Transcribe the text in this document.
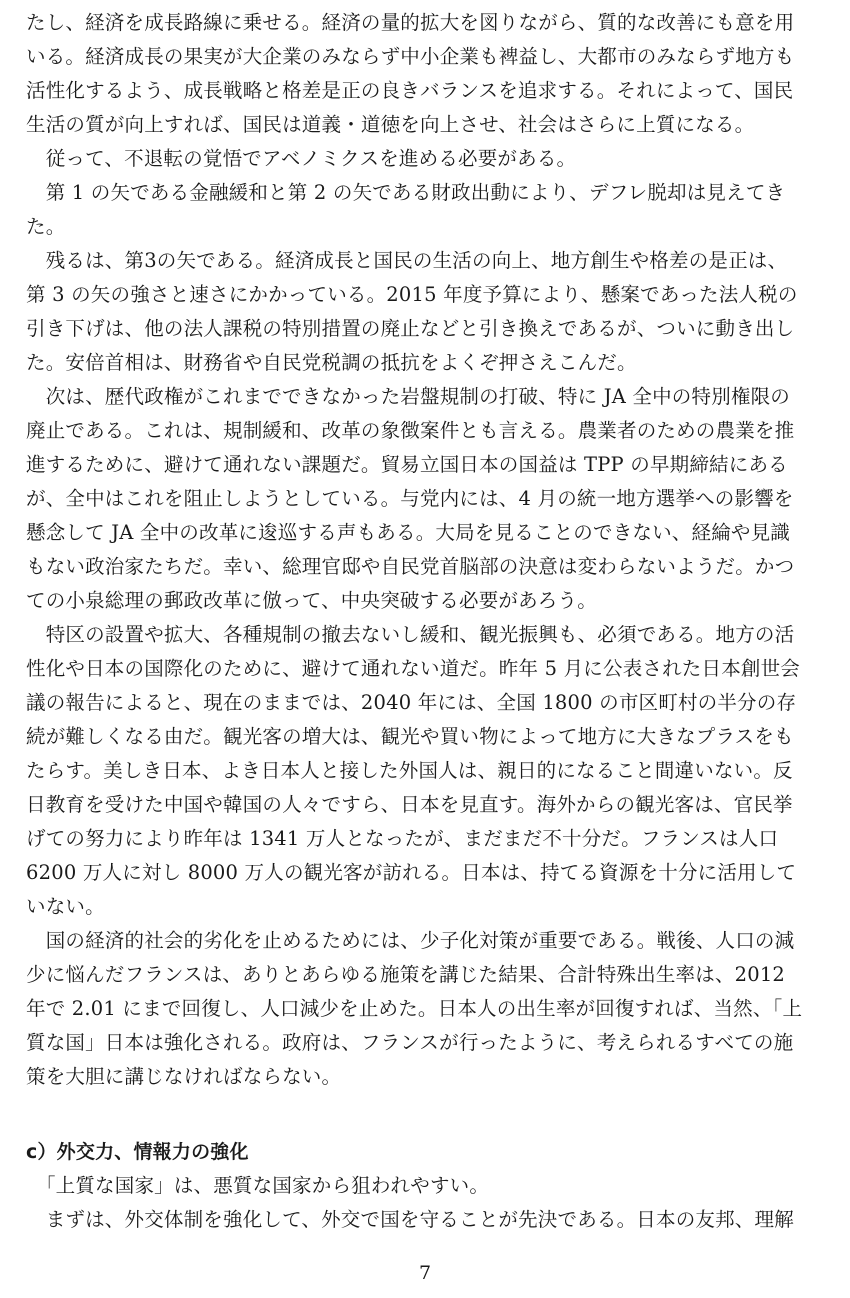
たし、経済を成長路線に乗せる。経済の量的拡大を図りながら、質的な改善にも意を用
いる。経済成長の果実が大企業のみならず中小企業も裨益し、大都市のみならず地方も
活性化するよう、成長戦略と格差是正の良きバランスを追求する。それによって、国民
生活の質が向上すれば、国民は道義・道徳を向上させ、社会はさらに上質になる。
　従って、不退転の覚悟でアベノミクスを進める必要がある。
　第 1 の矢である金融緩和と第 2 の矢である財政出動により、デフレ脱却は見えてき
た。
　残るは、第3の矢である。経済成長と国民の生活の向上、地方創生や格差の是正は、
第 3 の矢の強さと速さにかかっている。2015 年度予算により、懸案であった法人税の
引き下げは、他の法人課税の特別措置の廃止などと引き換えであるが、ついに動き出し
た。安倍首相は、財務省や自民党税調の抵抗をよくぞ押さえこんだ。
　次は、歴代政権がこれまでできなかった岩盤規制の打破、特に JA 全中の特別権限の
廃止である。これは、規制緩和、改革の象徴案件とも言える。農業者のための農業を推
進するために、避けて通れない課題だ。貿易立国日本の国益は TPP の早期締結にある
が、全中はこれを阻止しようとしている。与党内には、4 月の統一地方選挙への影響を
懸念して JA 全中の改革に逡巡する声もある。大局を見ることのできない、経綸や見識
もない政治家たちだ。幸い、総理官邸や自民党首脳部の決意は変わらないようだ。かつ
ての小泉総理の郵政改革に倣って、中央突破する必要があろう。
　特区の設置や拡大、各種規制の撤去ないし緩和、観光振興も、必須である。地方の活
性化や日本の国際化のために、避けて通れない道だ。昨年 5 月に公表された日本創世会
議の報告によると、現在のままでは、2040 年には、全国 1800 の市区町村の半分の存
続が難しくなる由だ。観光客の増大は、観光や買い物によって地方に大きなプラスをも
たらす。美しき日本、よき日本人と接した外国人は、親日的になること間違いない。反
日教育を受けた中国や韓国の人々ですら、日本を見直す。海外からの観光客は、官民挙
げての努力により昨年は 1341 万人となったが、まだまだ不十分だ。フランスは人口
6200 万人に対し 8000 万人の観光客が訪れる。日本は、持てる資源を十分に活用して
いない。
　国の経済的社会的劣化を止めるためには、少子化対策が重要である。戦後、人口の減
少に悩んだフランスは、ありとあらゆる施策を講じた結果、合計特殊出生率は、2012
年で 2.01 にまで回復し、人口減少を止めた。日本人の出生率が回復すれば、当然、「上
質な国」日本は強化される。政府は、フランスが行ったように、考えられるすべての施
策を大胆に講じなければならない。
c）外交力、情報力の強化
　「上質な国家」は、悪質な国家から狙われやすい。
　まずは、外交体制を強化して、外交で国を守ることが先決である。日本の友邦、理解
7
